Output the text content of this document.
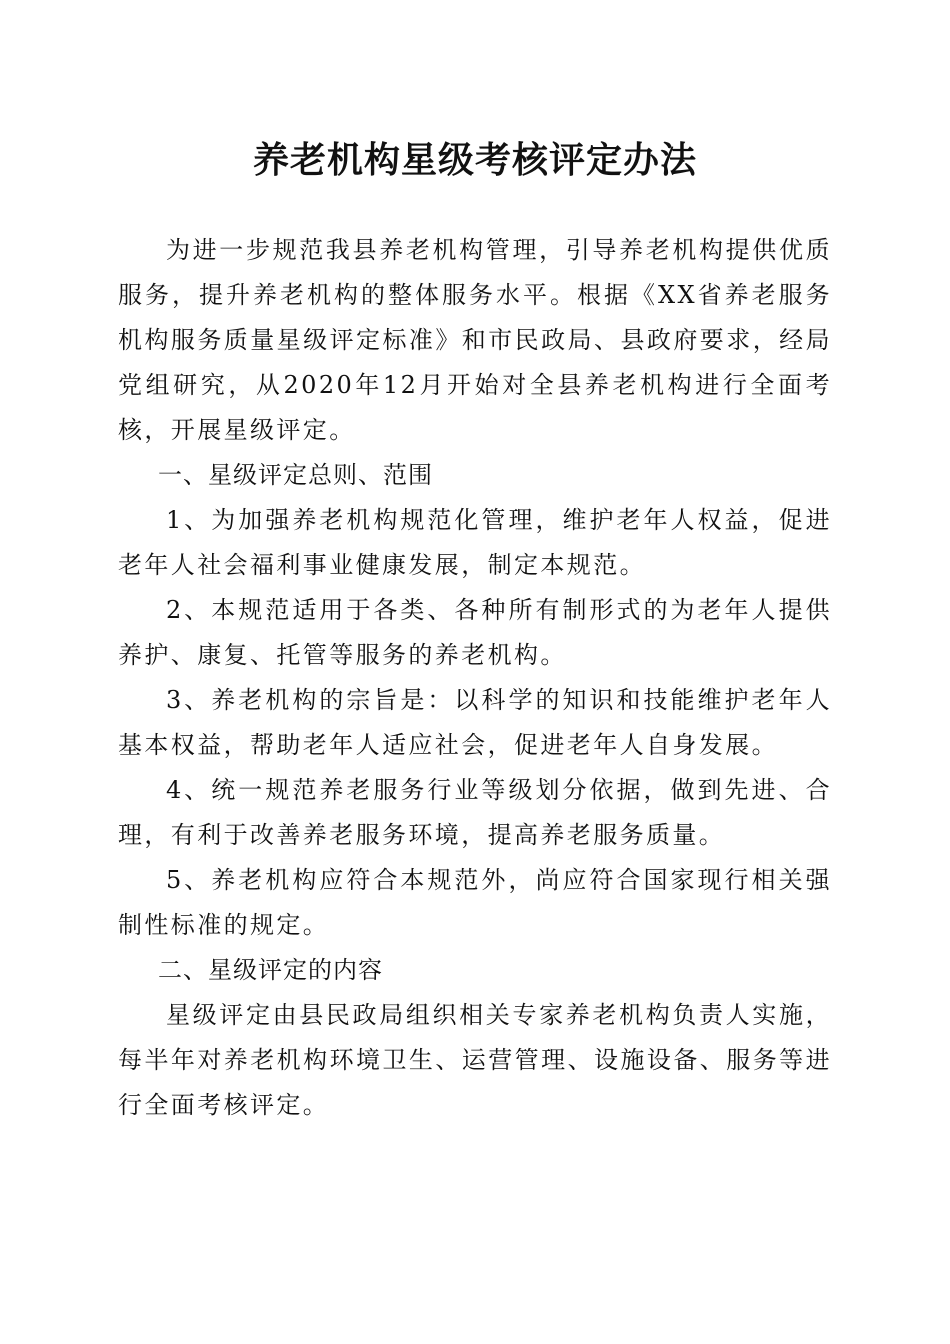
养老机构星级考核评定办法

为进一步规范我县养老机构管理，引导养老机构提供优质服务，提升养老机构的整体服务水平。根据《XX省养老服务机构服务质量星级评定标准》和市民政局、县政府要求，经局党组研究，从2020年12月开始对全县养老机构进行全面考核，开展星级评定。

一、星级评定总则、范围

1、为加强养老机构规范化管理，维护老年人权益，促进老年人社会福利事业健康发展，制定本规范。

2、本规范适用于各类、各种所有制形式的为老年人提供养护、康复、托管等服务的养老机构。

3、养老机构的宗旨是：以科学的知识和技能维护老年人基本权益，帮助老年人适应社会，促进老年人自身发展。

4、统一规范养老服务行业等级划分依据，做到先进、合理，有利于改善养老服务环境，提高养老服务质量。

5、养老机构应符合本规范外，尚应符合国家现行相关强制性标准的规定。

二、星级评定的内容

星级评定由县民政局组织相关专家养老机构负责人实施，每半年对养老机构环境卫生、运营管理、设施设备、服务等进行全面考核评定。
